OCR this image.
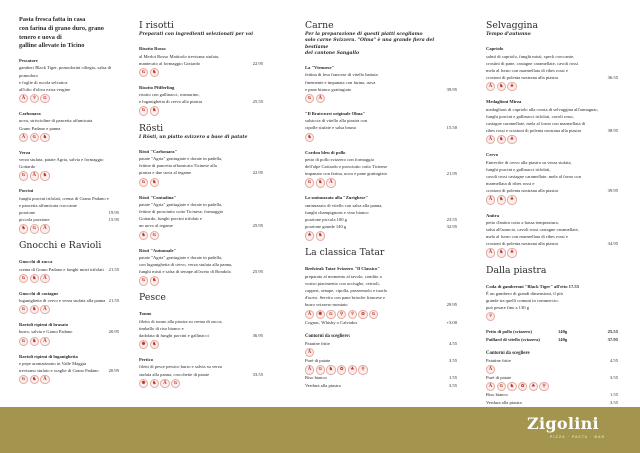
Pasta fresca fatta in casa
con farina di grano duro, grano tenero e uova di
galline allevate in Ticino
Pescatore
gamberi Black Tiger, pomodorini ciliegio, salsa di pomodoro
e foglie di rucola selvatica
all'olio d'oliva extra vergine
Å	♆	₲
Carbonara
uova, striscioline di pancetta affumicata
Grano Padano e panna
Å	₲	♞
Verza
verza stufata, patate Agria, salvia e formaggio Gottardo
₲	Å	♞
Porcini
funghi porcini trifolati, crema di Grano Padano e
e pancetta affumicata croccante
porzione	19.95
piccola porzione	15.95
♞	₲	Å
Gnocchi e Ravioli
Gnocchi di zucca
crema di Grano Padano e funghi misti trifolati 21.55
₲	♞	Å
Gnocchi di castagne
luganighetta di cervo e verza stufata alla panna 21.55
₲	♞	Å
Ravioli ripieni di brasato
burro, salvia e Grano Padano	20.95
₲	♞	Å
Ravioli ripieni di luganighetta
e pepe aromatizzato in Valle Maggia
trevisano stufato e scaglie di Grano Padano 20.95
₲	♞	Å
I risotti
Preparati con ingredienti selezionati per voi
Risotto Rosso
al Merlot Rosso Mattirolo trevisana stufata,
mantecato al formaggio Gottardo	22.95
₲	♞
Risotto Pfifferling
risotto con gallinacci, rosmarino,
e luganighetta di cervo alla piastra	25.55
₲	♞
Rösti
I Rösti, un piatto svizzero a base di patate
Rösti "Carbonara"
patate "Agria" grattugiate e dorate in padella,
fettine di pancetta affumicata Ticinese alla
piastra e due uova al tegame	22.95
₲	♞
Rösti "Contadina"
patate "Agria" grattugiate e dorate in padella,
fettine di prosciutto cotto Ticinese, formaggio
Gottardo, funghi porcini trifolati e
un uovo al tegame	25.95
♞	₲
Rösti "Autunnale"
patate "Agria" grattugiate e dorate in padella,
con luganighetta di cervo, verza stufata alla panna,
funghi misti e salsa di senape all'aceto di Bondola	25.95
₲	♞
Pesce
Tonno
filetto di tonno alla piastra su crema di zucca,
timballo di riso bianco e
dadolata di funghi porcini e gallinacci	36.95
✺	♞
Pertico
filetti di pesce persico burro e salvia su verza
stufata alla panna, crocchette di patate	33.55
✺	♞	Å	₲
Carne
Per la preparazione di questi piatti scegliamo
solo carne Svizzera. "Olma" è una grande fiera del bestiame
del cantone Sangallo
La "Viennese"
fettina di fesa francese di vitello battuta
finemente e impanata con farina, uova
e pane bianco grattugiato	39.95
₲	Å
"Il Bratwurst originale Olma"
salsiccia di vitello alla piastra con
cipolle stufate e salsa bruna	15.50
♞
Cordon bleu di pollo
petto di pollo svizzero con formaggio
dell'alpe Gottardo e prosciutto cotto Ticinese
impanato con farina, uova e pane grattugiato	21.95
₲	♞	Å
Lo sminuzzato alla "Zurighese"
sminuzzato di vitello con salsa alla panna,
funghi champignons e vino bianco
porzione piccola 100 g	23.55
porzione grande 140 g	32.95
♣	♞
La classica Tatar
Beefsteak Tatar Svizzero "Il Classico"
preparato al momento al tavolo, condito a
vostro piacimento con acciughe, cetrioli,
capperi, senape, cipolla, prezzemolo e tuorlo
d'uovo. Servito con pane brioche francese e
burro svizzero montato	29.95
Å	✺	₲	⚲	♆	✿	₲
Cognac, Whisky o Calvados	+3.00
Contorni da scegliere:
Patatine fritte	4.55
Å
Purè di patate	3.55
Å	₲	♞	✿	♣	⚲
Riso bianco	1.55
Verdura alla piastra	3.55
Selvaggina
Tempo d'autunno
Capriolo
salmì di capriolo, funghi misti, speck croccante,
crostini di pane, castagne caramellate, cavoli rossi
mela al forno con marmellata di ribes rossi e
crostoni di polenta nostrana alla piastra	36.55
Å	♞	♣
Medaglioni Mirza
medaglioni di capriolo alla crosta di selvaggina all'armagnac,
funghi porcini e gallinacci trifolati, cavoli rossi,
castagne caramellate, mela al forno con marmellata di
ribes rossi e crostoni di polenta nostrana alla piastra	38.95
Å	♞	♣
Cervo
Entrecôte di cervo alla piastra su verza stufata,
funghi porcini e gallinacci trifolati,
cavoli rossi castagne caramellate, mela al forno con
marmellata di ribes rossi e
crostoni di polenta nostrana alla piastra	39.95
Å	♞	♣
Anitra
petto d'anitra cotto a bassa temperatura,
salsa all'arancio, cavoli rossi castagne caramellate,
mela al forno con marmellata di ribes rossi e
crostoni di polenta nostrana alla piastra	34.95
Å	♞	♣
Dalla piastra
Coda di gamberoni "Black Tiger" all'etto 17.55
È un gambero di grandi dimensioni, il più
grande tra quelli comuni in commercio:
può pesare fino a 130 g
♆
Petto di pollo (svizzero)	140g	25.55
Paillard di vitello (svizzera)	140g	37.95
Contorni da scegliere
Patatine fritte	4.55
Å
Purè di patate	3.55
Å	₲	♞	✿	♣	⚲
Riso bianco	1.55
Verdura alla piastra	3.55
Zigolini
PIZZA · PASTA · BAR
